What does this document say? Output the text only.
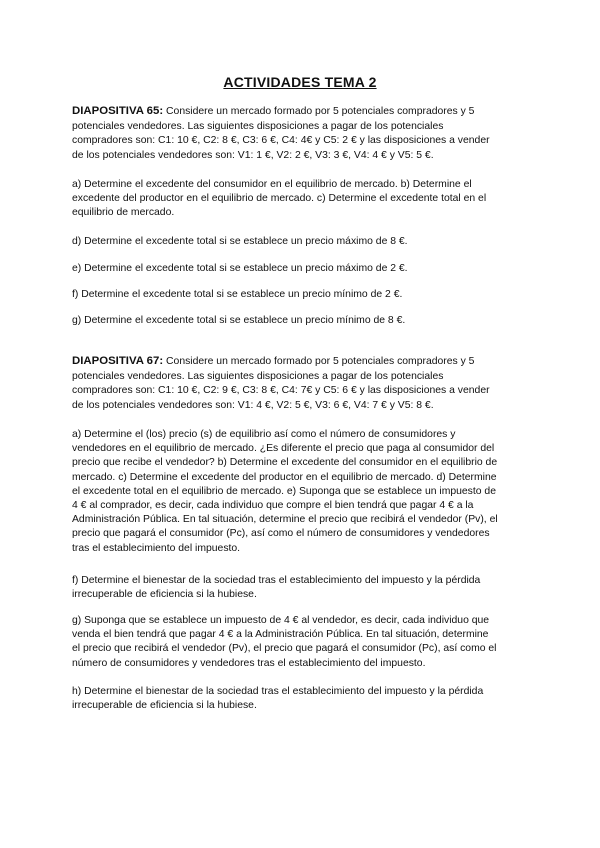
ACTIVIDADES TEMA 2

DIAPOSITIVA 65: Considere un mercado formado por 5 potenciales compradores y 5
potenciales vendedores. Las siguientes disposiciones a pagar de los potenciales
compradores son: C1: 10 €, C2: 8 €, C3: 6 €, C4: 4€ y C5: 2 € y las disposiciones a vender
de los potenciales vendedores son: V1: 1 €, V2: 2 €, V3: 3 €, V4: 4 € y V5: 5 €.

a) Determine el excedente del consumidor en el equilibrio de mercado. b) Determine el
excedente del productor en el equilibrio de mercado. c) Determine el excedente total en el
equilibrio de mercado.

d) Determine el excedente total si se establece un precio máximo de 8 €.

e) Determine el excedente total si se establece un precio máximo de 2 €.

f) Determine el excedente total si se establece un precio mínimo de 2 €.

g) Determine el excedente total si se establece un precio mínimo de 8 €.

DIAPOSITIVA 67: Considere un mercado formado por 5 potenciales compradores y 5
potenciales vendedores. Las siguientes disposiciones a pagar de los potenciales
compradores son: C1: 10 €, C2: 9 €, C3: 8 €, C4: 7€ y C5: 6 € y las disposiciones a vender
de los potenciales vendedores son: V1: 4 €, V2: 5 €, V3: 6 €, V4: 7 € y V5: 8 €.

a) Determine el (los) precio (s) de equilibrio así como el número de consumidores y
vendedores en el equilibrio de mercado. ¿Es diferente el precio que paga al consumidor del
precio que recibe el vendedor? b) Determine el excedente del consumidor en el equilibrio de
mercado. c) Determine el excedente del productor en el equilibrio de mercado. d) Determine
el excedente total en el equilibrio de mercado. e) Suponga que se establece un impuesto de
4 € al comprador, es decir, cada individuo que compre el bien tendrá que pagar 4 € a la
Administración Pública. En tal situación, determine el precio que recibirá el vendedor (Pv), el
precio que pagará el consumidor (Pc), así como el número de consumidores y vendedores
tras el establecimiento del impuesto.

f) Determine el bienestar de la sociedad tras el establecimiento del impuesto y la pérdida
irrecuperable de eficiencia si la hubiese.

g) Suponga que se establece un impuesto de 4 € al vendedor, es decir, cada individuo que
venda el bien tendrá que pagar 4 € a la Administración Pública. En tal situación, determine
el precio que recibirá el vendedor (Pv), el precio que pagará el consumidor (Pc), así como el
número de consumidores y vendedores tras el establecimiento del impuesto.

h) Determine el bienestar de la sociedad tras el establecimiento del impuesto y la pérdida
irrecuperable de eficiencia si la hubiese.
